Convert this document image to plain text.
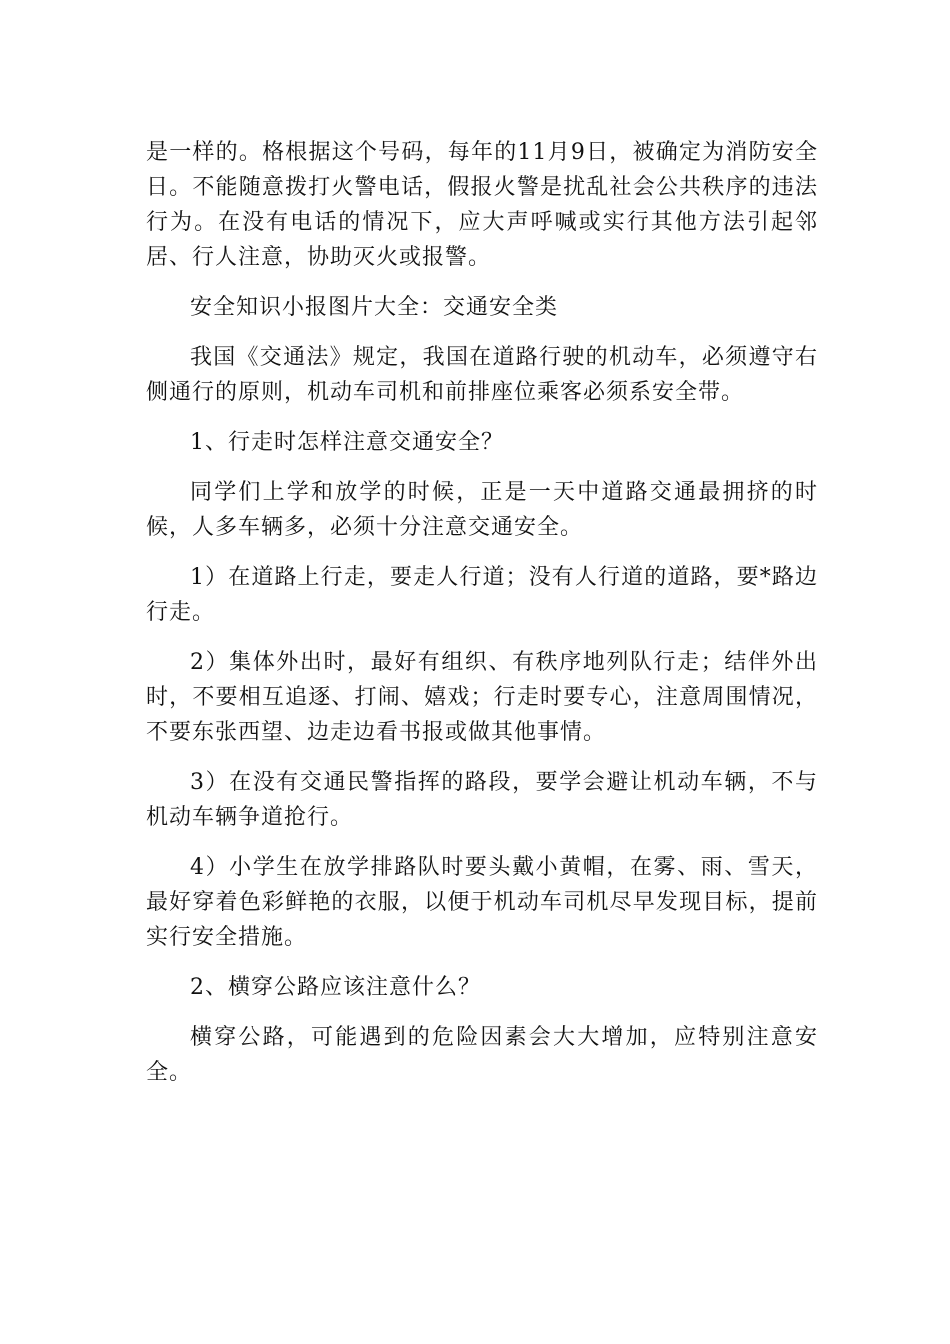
是一样的。格根据这个号码，每年的11月9日，被确定为消防安全日。不能随意拨打火警电话，假报火警是扰乱社会公共秩序的违法行为。在没有电话的情况下，应大声呼喊或实行其他方法引起邻居、行人注意，协助灭火或报警。

安全知识小报图片大全：交通安全类

我国《交通法》规定，我国在道路行驶的机动车，必须遵守右侧通行的原则，机动车司机和前排座位乘客必须系安全带。

1、行走时怎样注意交通安全？

同学们上学和放学的时候，正是一天中道路交通最拥挤的时候，人多车辆多，必须十分注意交通安全。

1）在道路上行走，要走人行道；没有人行道的道路，要*路边行走。

2）集体外出时，最好有组织、有秩序地列队行走；结伴外出时，不要相互追逐、打闹、嬉戏；行走时要专心，注意周围情况，不要东张西望、边走边看书报或做其他事情。

3）在没有交通民警指挥的路段，要学会避让机动车辆，不与机动车辆争道抢行。

4）小学生在放学排路队时要头戴小黄帽，在雾、雨、雪天，最好穿着色彩鲜艳的衣服，以便于机动车司机尽早发现目标，提前实行安全措施。

2、横穿公路应该注意什么？

横穿公路，可能遇到的危险因素会大大增加，应特别注意安全。
